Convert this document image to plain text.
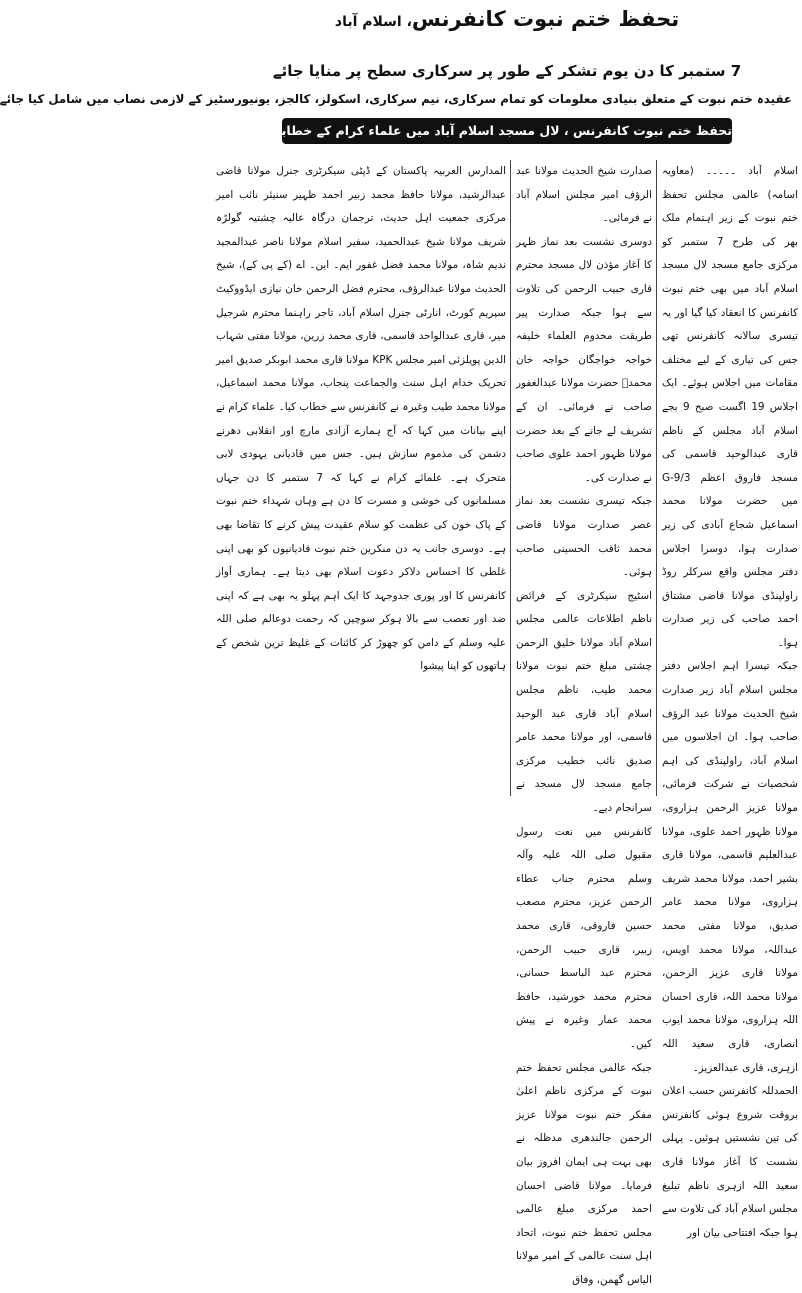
تحفظ ختم نبوت کانفرنس، اسلام آباد
7 ستمبر کا دن یوم تشکر کے طور پر سرکاری سطح پر منایا جائے
عقیدہ ختم نبوت کے متعلق بنیادی معلومات کو تمام سرکاری، نیم سرکاری، اسکولز، کالجز، یونیورسٹیز کے لازمی نصاب میں شامل کیا جائے
تحفظ ختم نبوت کانفرنس ، لال مسجد اسلام آباد میں علماء کرام کے خطابات

اسلام آباد ۔۔۔۔۔ (معاویہ اسامہ) عالمی مجلس تحفظ ختم نبوت کے زیر اہتمام ملک بھر کی طرح 7 ستمبر کو مرکزی جامع مسجد لال مسجد اسلام آباد میں بھی ختم نبوت کانفرنس کا انعقاد کیا گیا اور یہ تیسری سالانہ کانفرنس تھی جس کی تیاری کے لیے مختلف مقامات میں اجلاس ہوئے۔ ایک اجلاس 19 اگست صبح 9 بجے اسلام آباد مجلس کے ناظم قاری عبدالوحید قاسمی کی مسجد فاروق اعظم G-9/3 میں حضرت مولانا محمد اسماعیل شجاع آبادی کی زیر صدارت ہوا، دوسرا اجلاس دفتر مجلس واقع سرکلر روڈ راولپنڈی مولانا قاضی مشتاق احمد صاحب کی زیر صدارت ہوا۔

جبکہ تیسرا اہم اجلاس دفتر مجلس اسلام آباد زیر صدارت شیخ الحدیث مولانا عبد الرؤف صاحب ہوا۔ ان اجلاسوں میں اسلام آباد، راولپنڈی کی اہم شخصیات نے شرکت فرمائی، مولانا عزیز الرحمن ہزاروی، مولانا ظہور احمد علوی، مولانا عبدالعلیم قاسمی، مولانا قاری بشیر احمد، مولانا محمد شریف ہزاروی، مولانا محمد عامر صدیق، مولانا مفتی محمد عبداللہ، مولانا محمد اویس، مولانا قاری عزیز الرحمن، مولانا محمد اللہ، قاری احسان اللہ ہزاروی، مولانا محمد ایوب انصاری، قاری سعید اللہ ازہری، قاری عبدالعزیز۔

الحمدللہ کانفرنس حسب اعلان بروقت شروع ہوئی کانفرنس کی تین نشستیں ہوئیں۔ پہلی نشست کا آغاز مولانا قاری سعید اللہ ازہری ناظم تبلیغ مجلس اسلام آباد کی تلاوت سے ہوا جبکہ افتتاحی بیان اور

صدارت شیخ الحدیث مولانا عبد الرؤف امیر مجلس اسلام آباد نے فرمائی۔

دوسری نشست بعد نماز ظہر کا آغاز مؤذن لال مسجد محترم قاری حبیب الرحمن کی تلاوت سے ہوا جبکہ صدارت پیر طریقت مخدوم العلماء خلیفہ خواجہ خواجگان خواجہ خان محمدؒ حضرت مولانا عبدالغفور صاحب نے فرمائی۔ ان کے تشریف لے جانے کے بعد حضرت مولانا ظہور احمد علوی صاحب نے صدارت کی۔

جبکہ تیسری نشست بعد نماز عصر صدارت مولانا قاضی محمد ثاقب الحسینی صاحب ہوئی۔

اسٹیج سیکرٹری کے فرائض ناظم اطلاعات عالمی مجلس اسلام آباد مولانا خلیق الرحمن چشتی مبلغ ختم نبوت مولانا محمد طیب، ناظم مجلس اسلام آباد قاری عبد الوحید قاسمی، اور مولانا محمد عامر صدیق نائب خطیب مرکزی جامع مسجد لال مسجد نے سرانجام دیے۔

کانفرنس میں نعت رسول مقبول صلی اللہ علیہ وآلہ وسلم محترم جناب عطاء الرحمن عزیز، محترم مصعب حسین فاروقی، قاری محمد زبیر، قاری حبیب الرحمن، محترم عبد الباسط حسانی، محترم محمد خورشید، حافظ محمد عمار وغیرہ نے پیش کیں۔

جبکہ عالمی مجلس تحفظ ختم نبوت کے مرکزی ناظم اعلیٰ مفکر ختم نبوت مولانا عزیز الرحمن جالندھری مدظلہ نے بھی بہت ہی ایمان افروز بیان فرمایا۔ مولانا قاضی احسان احمد مرکزی مبلغ عالمی مجلس تحفظ ختم نبوت، اتحاد اہل سنت عالمی کے امیر مولانا الیاس گھمن، وفاق

المدارس العربیہ پاکستان کے ڈپٹی سیکرٹری جنرل مولانا قاضی عبدالرشید، مولانا حافظ محمد زبیر احمد ظہیر سنیئر نائب امیر مرکزی جمعیت اہل حدیث، ترجمان درگاہ عالیہ چشتیہ گولڑہ شریف مولانا شیخ عبدالحمید، سفیر اسلام مولانا ناصر عبدالمجید ندیم شاہ، مولانا محمد فضل غفور ایم۔ این۔ اے (کے پی کے)، شیخ الحدیث مولانا عبدالرؤف، محترم فضل الرحمن خان نیازی ایڈووکیٹ سپریم کورٹ، انارٹی جنرل اسلام آباد، تاجر راہنما محترم شرجیل میر، قاری عبدالواحد قاسمی، قاری محمد زرین، مولانا مفتی شہاب الدین پوپلزئی امیر مجلس KPK مولانا قاری محمد ابوبکر صدیق امیر تحریک خدام اہل سنت والجماعت پنجاب، مولانا محمد اسماعیل، مولانا محمد طیب وغیرہ نے کانفرنس سے خطاب کیا۔ علماء کرام نے اپنے بیانات میں کہا کہ آج ہمارے آزادی مارچ اور انقلابی دھرنے دشمن کی مذموم سازش ہیں۔ جس میں قادیانی یہودی لابی متحرک ہے۔ علمائے کرام نے کہا کہ 7 ستمبر کا دن جہاں مسلمانوں کی خوشی و مسرت کا دن ہے وہاں شہداء ختم نبوت کے پاک خون کی عظمت کو سلام عقیدت پیش کرنے کا تقاضا بھی ہے۔ دوسری جانب یہ دن منکرین ختم نبوت قادیانیوں کو بھی اپنی غلطی کا احساس دلاکر دعوت اسلام بھی دیتا ہے۔ ہماری آواز کانفرنس کا اور پوری جدوجہد کا ایک اہم پہلو یہ بھی ہے کہ اپنی ضد اور تعصب سے بالا ہوکر سوچیں کہ رحمت دوعالم صلی اللہ علیہ وسلم کے دامن کو چھوڑ کر کائنات کے غلیظ ترین شخص کے ہاتھوں کو اپنا پیشوا
